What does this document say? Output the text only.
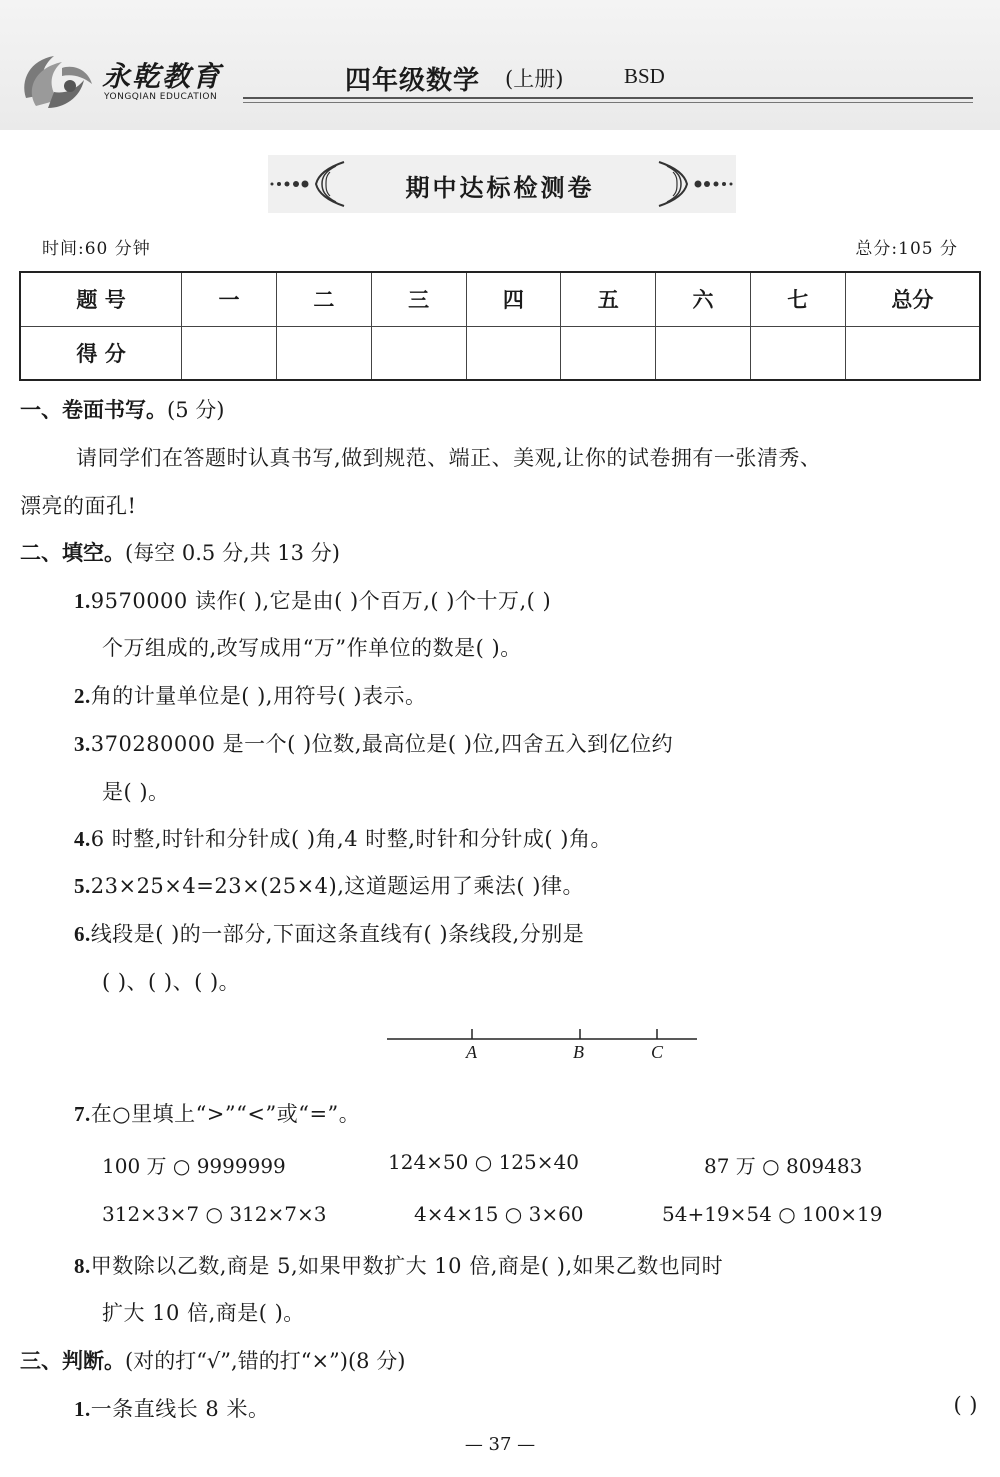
永乾教育
YONGQIAN EDUCATION
四年级数学 (上册)	BSD
期中达标检测卷
时间:60 分钟	总分:105 分
题 号	一	二	三	四	五	六	七	总分
得 分								
一、卷面书写。(5 分)
请同学们在答题时认真书写,做到规范、端正、美观,让你的试卷拥有一张清秀、
漂亮的面孔!
二、填空。(每空 0.5 分,共 13 分)
1.9570000 读作( ),它是由( )个百万,( )个十万,( )
个万组成的,改写成用“万”作单位的数是( )。
2.角的计量单位是( ),用符号( )表示。
3.370280000 是一个( )位数,最高位是( )位,四舍五入到亿位约
是( )。
4.6 时整,时针和分针成( )角,4 时整,时针和分针成( )角。
5.23×25×4=23×(25×4),这道题运用了乘法( )律。
6.线段是( )的一部分,下面这条直线有( )条线段,分别是
( )、( )、( )。
A	B	C
7.在○里填上“>”“<”或“=”。
100 万 ○ 9999999	124×50 ○ 125×40	87 万 ○ 809483
312×3×7 ○ 312×7×3	4×4×15 ○ 3×60	54+19×54 ○ 100×19
8.甲数除以乙数,商是 5,如果甲数扩大 10 倍,商是( ),如果乙数也同时
扩大 10 倍,商是( )。
三、判断。(对的打“√”,错的打“×”)(8 分)
1.一条直线长 8 米。	( )
— 37 —
